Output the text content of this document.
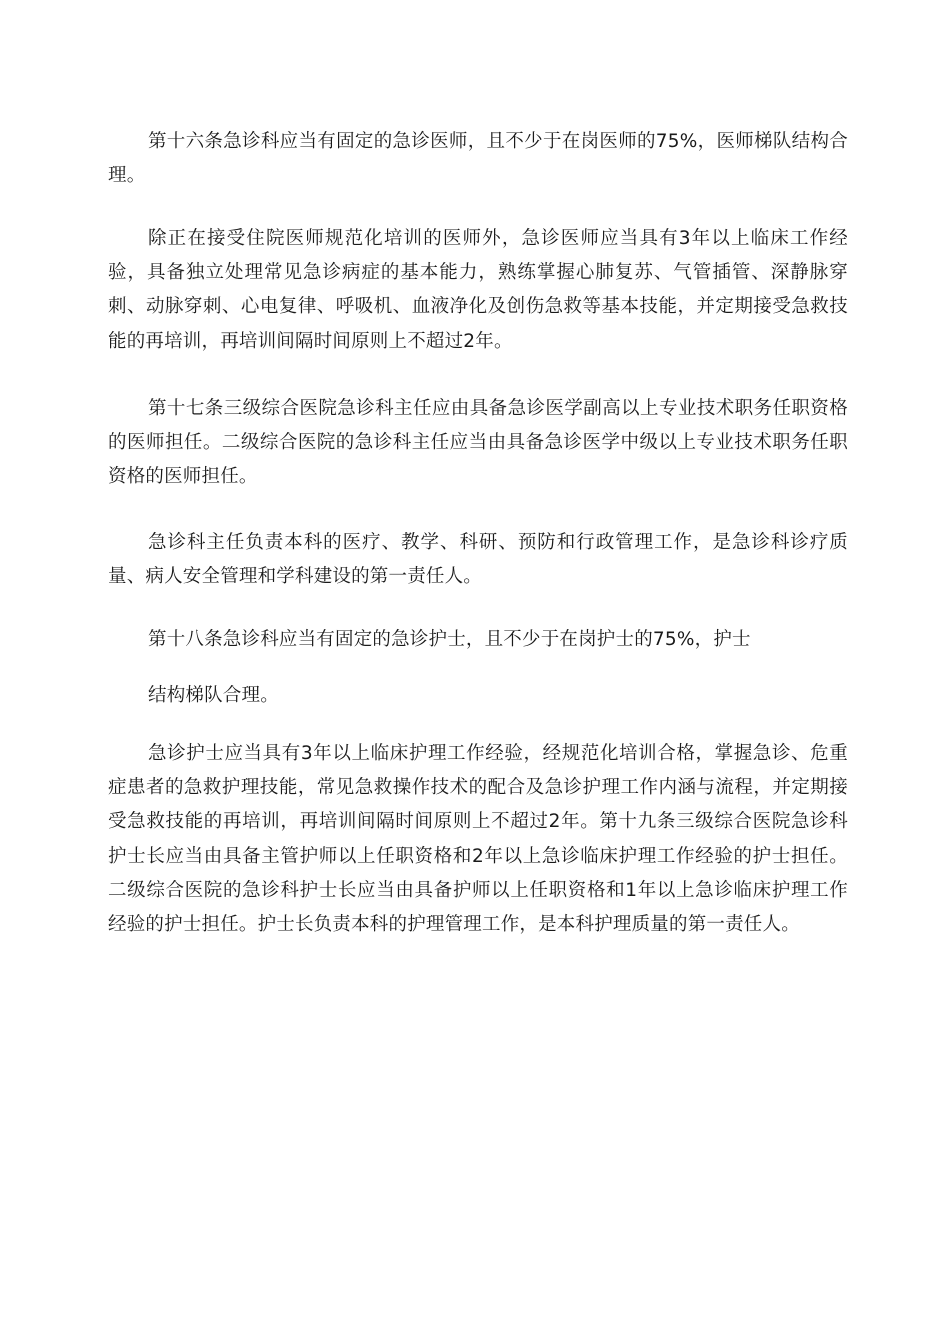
第十六条急诊科应当有固定的急诊医师，且不少于在岗医师的75%，医师梯队结构合理。

除正在接受住院医师规范化培训的医师外，急诊医师应当具有3年以上临床工作经验，具备独立处理常见急诊病症的基本能力，熟练掌握心肺复苏、气管插管、深静脉穿刺、动脉穿刺、心电复律、呼吸机、血液净化及创伤急救等基本技能，并定期接受急救技能的再培训，再培训间隔时间原则上不超过2年。

第十七条三级综合医院急诊科主任应由具备急诊医学副高以上专业技术职务任职资格的医师担任。二级综合医院的急诊科主任应当由具备急诊医学中级以上专业技术职务任职资格的医师担任。

急诊科主任负责本科的医疗、教学、科研、预防和行政管理工作，是急诊科诊疗质量、病人安全管理和学科建设的第一责任人。

第十八条急诊科应当有固定的急诊护士，且不少于在岗护士的75%，护士

结构梯队合理。

急诊护士应当具有3年以上临床护理工作经验，经规范化培训合格，掌握急诊、危重症患者的急救护理技能，常见急救操作技术的配合及急诊护理工作内涵与流程，并定期接受急救技能的再培训，再培训间隔时间原则上不超过2年。第十九条三级综合医院急诊科护士长应当由具备主管护师以上任职资格和2年以上急诊临床护理工作经验的护士担任。二级综合医院的急诊科护士长应当由具备护师以上任职资格和1年以上急诊临床护理工作经验的护士担任。护士长负责本科的护理管理工作，是本科护理质量的第一责任人。
